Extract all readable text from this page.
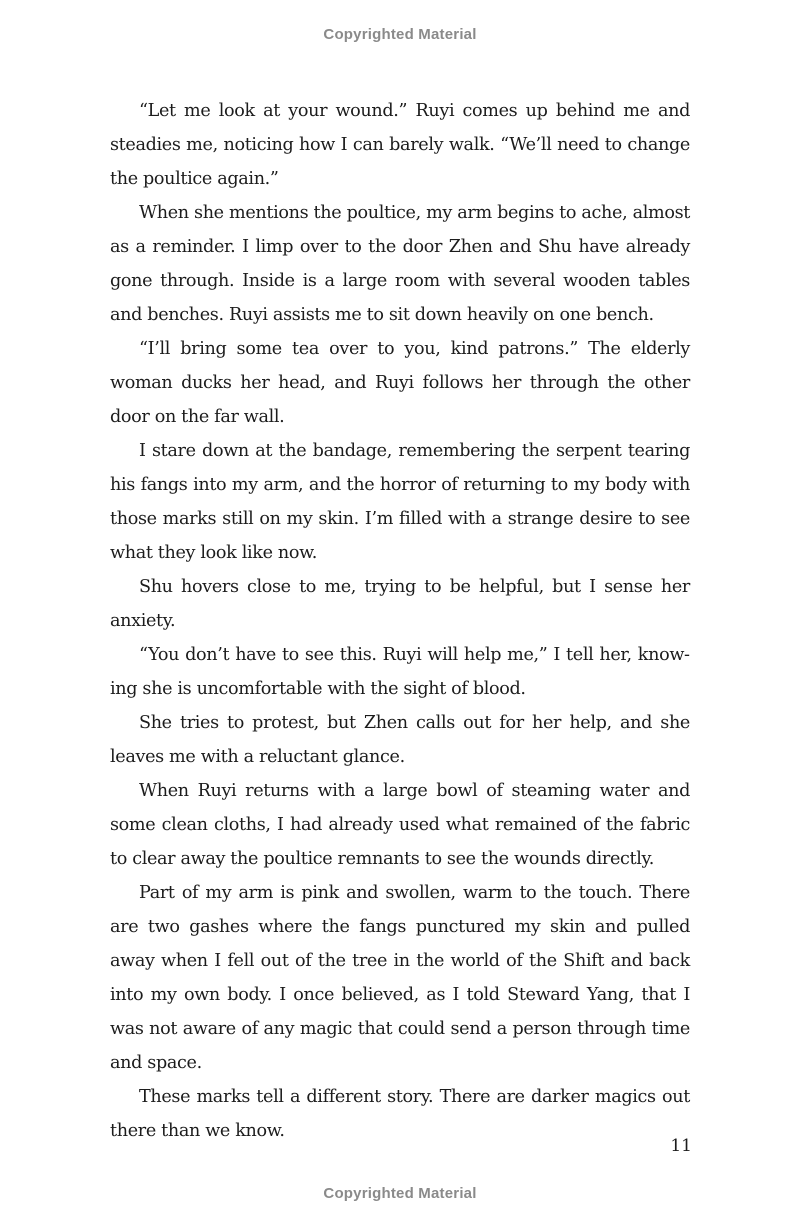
Copyrighted Material

“Let me look at your wound.” Ruyi comes up behind me and steadies me, noticing how I can barely walk. “We’ll need to change the poultice again.”

When she mentions the poultice, my arm begins to ache, almost as a reminder. I limp over to the door Zhen and Shu have already gone through. Inside is a large room with several wooden tables and benches. Ruyi assists me to sit down heavily on one bench.

“I’ll bring some tea over to you, kind patrons.” The elderly woman ducks her head, and Ruyi follows her through the other door on the far wall.

I stare down at the bandage, remembering the serpent tearing his fangs into my arm, and the horror of returning to my body with those marks still on my skin. I’m filled with a strange desire to see what they look like now.

Shu hovers close to me, trying to be helpful, but I sense her anxiety.

“You don’t have to see this. Ruyi will help me,” I tell her, knowing she is uncomfortable with the sight of blood.

She tries to protest, but Zhen calls out for her help, and she leaves me with a reluctant glance.

When Ruyi returns with a large bowl of steaming water and some clean cloths, I had already used what remained of the fabric to clear away the poultice remnants to see the wounds directly.

Part of my arm is pink and swollen, warm to the touch. There are two gashes where the fangs punctured my skin and pulled away when I fell out of the tree in the world of the Shift and back into my own body. I once believed, as I told Steward Yang, that I was not aware of any magic that could send a person through time and space.

These marks tell a different story. There are darker magics out there than we know.

11
Copyrighted Material
